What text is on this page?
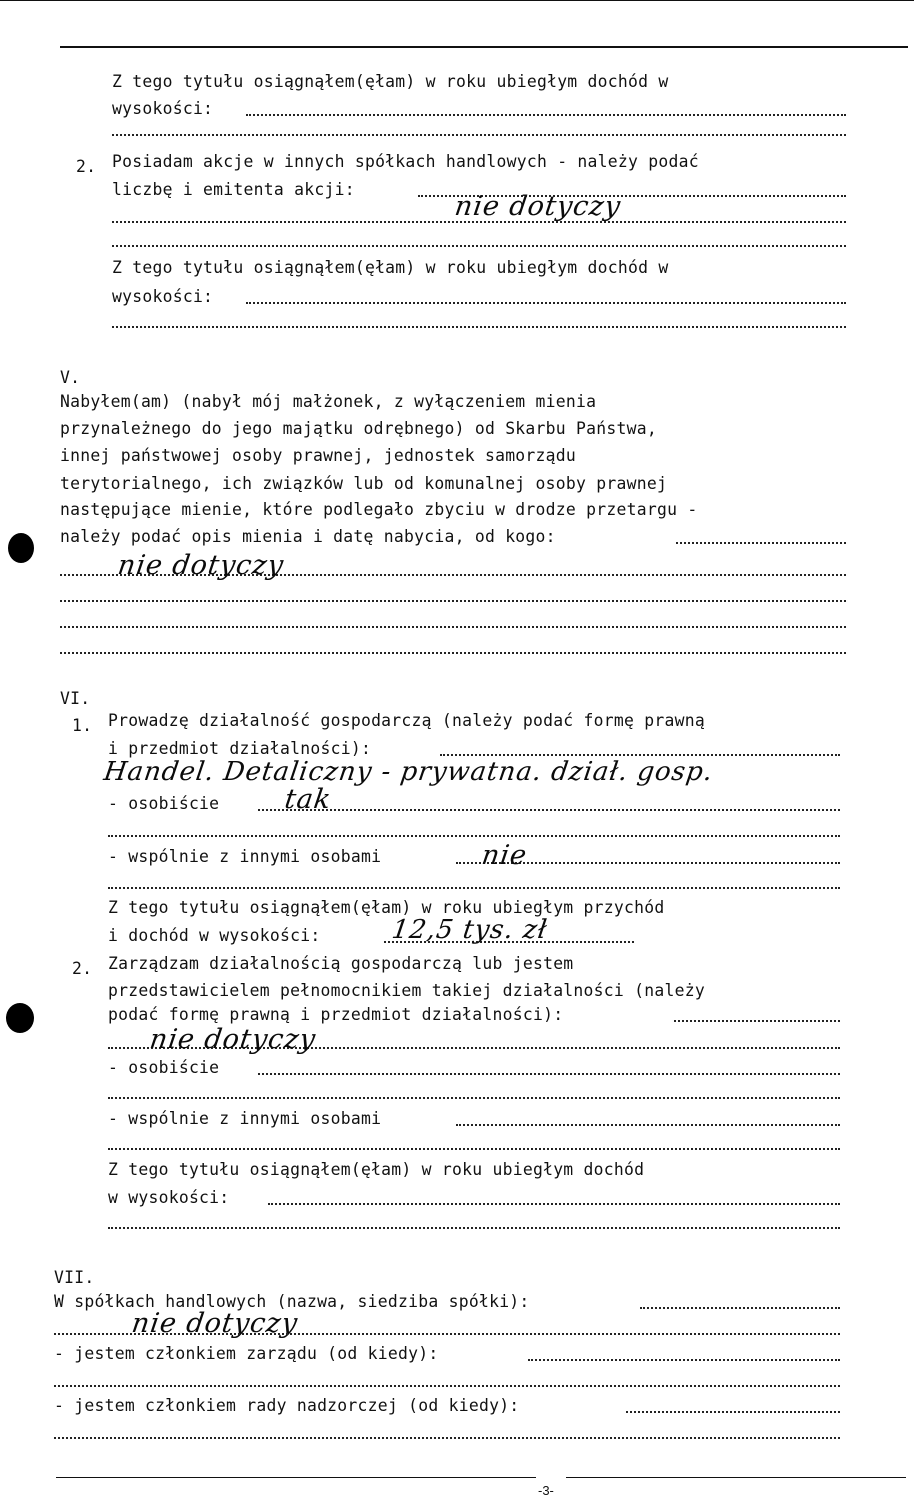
Z tego tytułu osiągnąłem(ęłam) w roku ubiegłym dochód w
wysokości:
2. Posiadam akcje w innych spółkach handlowych - należy podać
liczbę i emitenta akcji:
nie dotyczy
Z tego tytułu osiągnąłem(ęłam) w roku ubiegłym dochód w
wysokości:
V.
Nabyłem(am) (nabył mój małżonek, z wyłączeniem mienia
przynależnego do jego majątku odrębnego) od Skarbu Państwa,
innej państwowej osoby prawnej, jednostek samorządu
terytorialnego, ich związków lub od komunalnej osoby prawnej
następujące mienie, które podlegało zbyciu w drodze przetargu -
należy podać opis mienia i datę nabycia, od kogo:
nie dotyczy
VI.
1. Prowadzę działalność gospodarczą (należy podać formę prawną
i przedmiot działalności):
Handel. Detaliczny - prywatna. dział. gosp.
- osobiście tak
- wspólnie z innymi osobami	nie
Z tego tytułu osiągnąłem(ęłam) w roku ubiegłym przychód
i dochód w wysokości:	12,5 tys. zł
2. Zarządzam działalnością gospodarczą lub jestem
przedstawicielem pełnomocnikiem takiej działalności (należy
podać formę prawną i przedmiot działalności):
nie dotyczy
- osobiście
- wspólnie z innymi osobami
Z tego tytułu osiągnąłem(ęłam) w roku ubiegłym dochód
w wysokości:
VII.
W spółkach handlowych (nazwa, siedziba spółki):
nie dotyczy
- jestem członkiem zarządu (od kiedy):
- jestem członkiem rady nadzorczej (od kiedy):
-3-
